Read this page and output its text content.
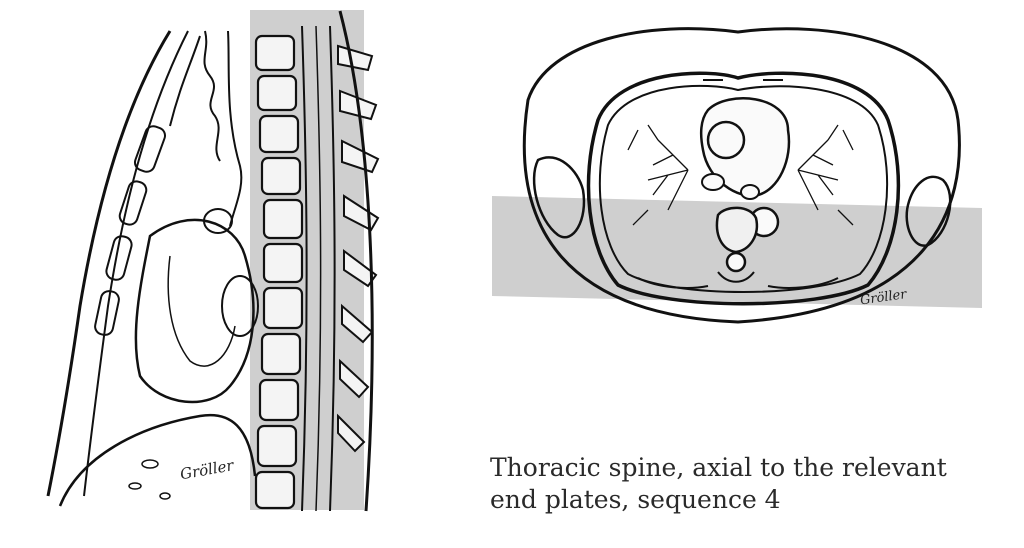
Gröller
Gröller
Thoracic spine, axial to the relevant
end plates, sequence 4
